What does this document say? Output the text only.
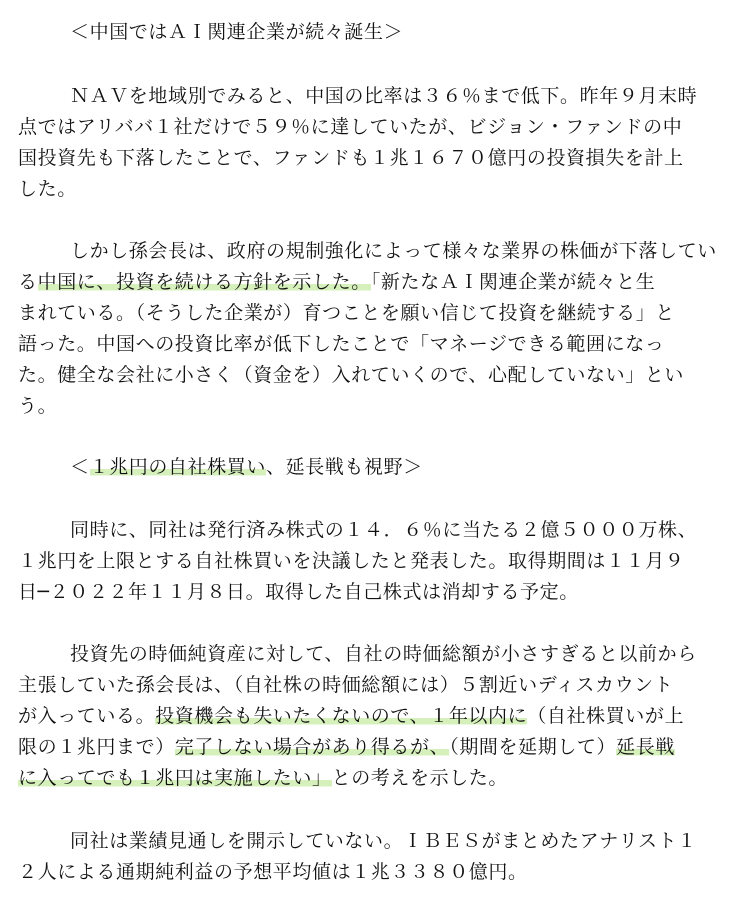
＜中国ではＡＩ関連企業が続々誕生＞
ＮＡＶを地域別でみると、中国の比率は３６％まで低下。昨年９月末時
点ではアリババ１社だけで５９％に達していたが、ビジョン・ファンドの中
国投資先も下落したことで、ファンドも１兆１６７０億円の投資損失を計上
した。
しかし孫会長は、政府の規制強化によって様々な業界の株価が下落してい
る中国に、投資を続ける方針を示した。「新たなＡＩ関連企業が続々と生
まれている。（そうした企業が）育つことを願い信じて投資を継続する」と
語った。中国への投資比率が低下したことで「マネージできる範囲になっ
た。健全な会社に小さく（資金を）入れていくので、心配していない」とい
う。
＜１兆円の自社株買い、延長戦も視野＞
同時に、同社は発行済み株式の１４．６％に当たる２億５０００万株、
１兆円を上限とする自社株買いを決議したと発表した。取得期間は１１月９
日─２０２２年１１月８日。取得した自己株式は消却する予定。
投資先の時価純資産に対して、自社の時価総額が小さすぎると以前から
主張していた孫会長は、（自社株の時価総額には）５割近いディスカウント
が入っている。投資機会も失いたくないので、１年以内に（自社株買いが上
限の１兆円まで）完了しない場合があり得るが、（期間を延期して）延長戦
に入ってでも１兆円は実施したい」との考えを示した。
同社は業績見通しを開示していない。ＩＢＥＳがまとめたアナリスト１
２人による通期純利益の予想平均値は１兆３３８０億円。
